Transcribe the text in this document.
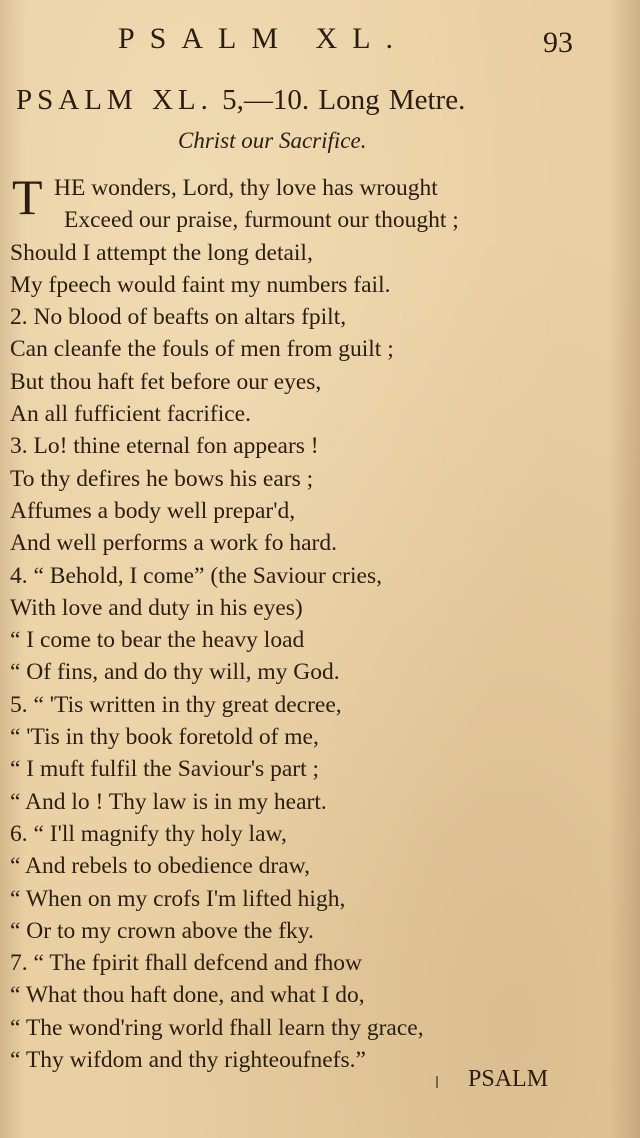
PSALM XL.	93
PSALM XL. 5,—10. Long Metre.
Christ our Sacrifice.
T HE wonders, Lord, thy love has wrought
Exceed our praise, furmount our thought ;
Should I attempt the long detail,
My fpeech would faint my numbers fail.
2. No blood of beafts on altars fpilt,
Can cleanfe the fouls of men from guilt ;
But thou haft fet before our eyes,
An all fufficient facrifice.
3. Lo! thine eternal fon appears !
To thy defires he bows his ears ;
Affumes a body well prepar'd,
And well performs a work fo hard.
4. “ Behold, I come” (the Saviour cries,
With love and duty in his eyes)
“ I come to bear the heavy load
“ Of fins, and do thy will, my God.
5. “ 'Tis written in thy great decree,
“ 'Tis in thy book foretold of me,
“ I muft fulfil the Saviour's part ;
“ And lo ! Thy law is in my heart.
6. “ I'll magnify thy holy law,
“ And rebels to obedience draw,
“ When on my crofs I'm lifted high,
“ Or to my crown above the fky.
7. “ The fpirit fhall defcend and fhow
“ What thou haft done, and what I do,
“ The wond'ring world fhall learn thy grace,
“ Thy wifdom and thy righteoufnefs.”
PSALM
